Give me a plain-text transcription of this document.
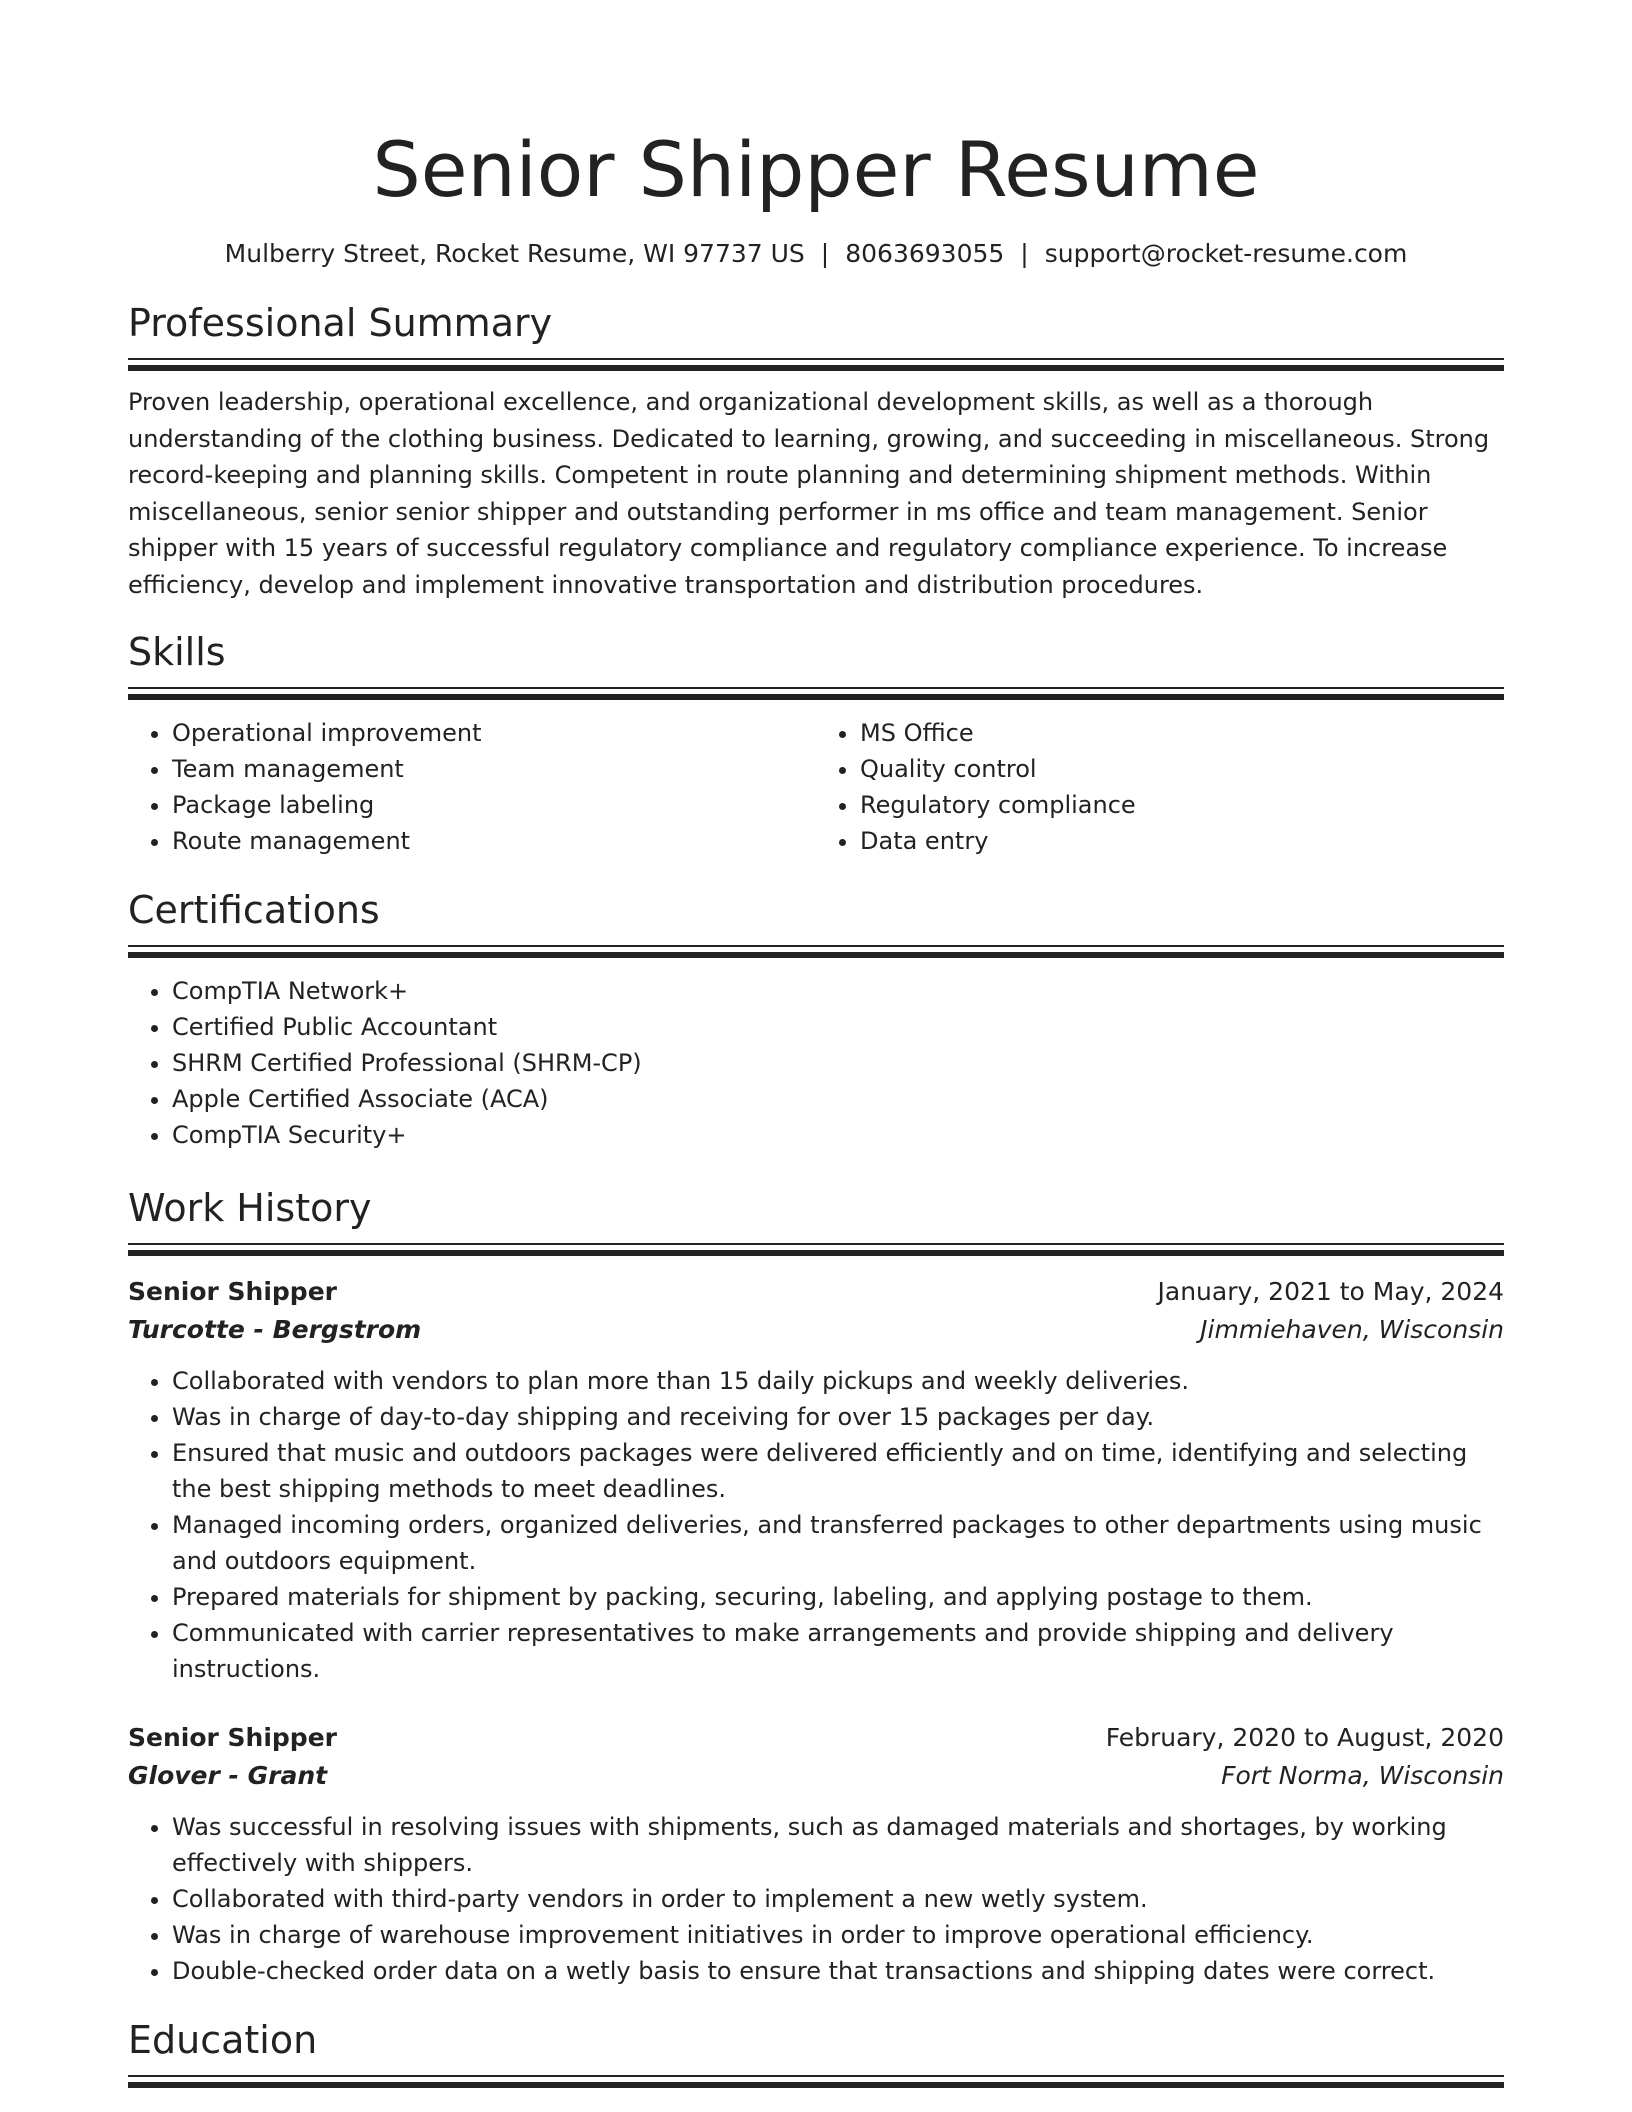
Senior Shipper Resume
Mulberry Street, Rocket Resume, WI 97737 US | 8063693055 | support@rocket-resume.com
Professional Summary

Proven leadership, operational excellence, and organizational development skills, as well as a thorough understanding of the clothing business. Dedicated to learning, growing, and succeeding in miscellaneous. Strong record-keeping and planning skills. Competent in route planning and determining shipment methods. Within miscellaneous, senior senior shipper and outstanding performer in ms office and team management. Senior shipper with 15 years of successful regulatory compliance and regulatory compliance experience. To increase efficiency, develop and implement innovative transportation and distribution procedures.

Skills
• Operational improvement
• Team management
• Package labeling
• Route management
• MS Office
• Quality control
• Regulatory compliance
• Data entry
Certifications
• CompTIA Network+
• Certified Public Accountant
• SHRM Certified Professional (SHRM-CP)
• Apple Certified Associate (ACA)
• CompTIA Security+
Work History
Senior Shipper	January, 2021 to May, 2024
Turcotte - Bergstrom	Jimmiehaven, Wisconsin
• Collaborated with vendors to plan more than 15 daily pickups and weekly deliveries.
• Was in charge of day-to-day shipping and receiving for over 15 packages per day.
• Ensured that music and outdoors packages were delivered efficiently and on time, identifying and selecting the best shipping methods to meet deadlines.
• Managed incoming orders, organized deliveries, and transferred packages to other departments using music and outdoors equipment.
• Prepared materials for shipment by packing, securing, labeling, and applying postage to them.
• Communicated with carrier representatives to make arrangements and provide shipping and delivery instructions.
Senior Shipper	February, 2020 to August, 2020
Glover - Grant	Fort Norma, Wisconsin
• Was successful in resolving issues with shipments, such as damaged materials and shortages, by working effectively with shippers.
• Collaborated with third-party vendors in order to implement a new wetly system.
• Was in charge of warehouse improvement initiatives in order to improve operational efficiency.
• Double-checked order data on a wetly basis to ensure that transactions and shipping dates were correct.
Education
